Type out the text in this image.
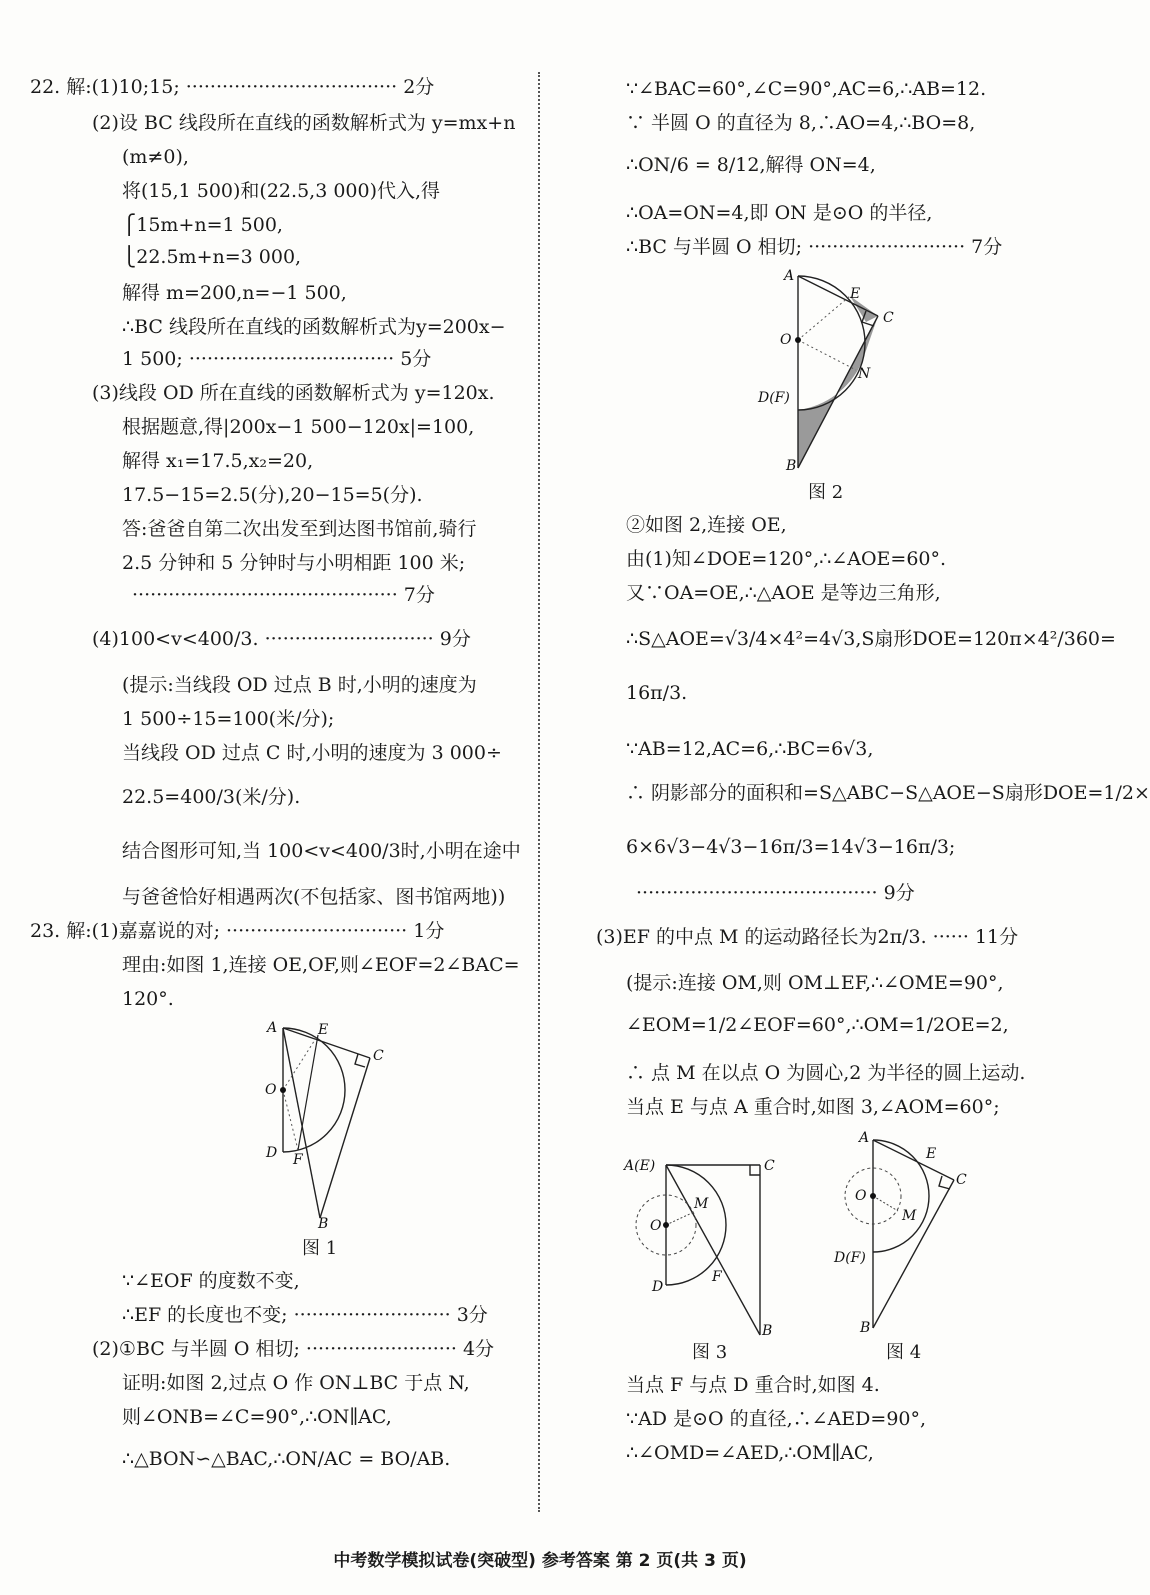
22. 解:(1)10;15; ··································· 2分
(2)设 BC 线段所在直线的函数解析式为 y=mx+n
(m≠0),
将(15,1 500)和(22.5,3 000)代入,得
⎧15m+n=1 500,
⎩22.5m+n=3 000,
解得 m=200,n=−1 500,
∴BC 线段所在直线的函数解析式为y=200x−
1 500; ·································· 5分
(3)线段 OD 所在直线的函数解析式为 y=120x.
根据题意,得|200x−1 500−120x|=100,
解得 x₁=17.5,x₂=20,
17.5−15=2.5(分),20−15=5(分).
答:爸爸自第二次出发至到达图书馆前,骑行
2.5 分钟和 5 分钟时与小明相距 100 米;
············································ 7分
(4)100<v<400/3. ···························· 9分
(提示:当线段 OD 过点 B 时,小明的速度为
1 500÷15=100(米/分);
当线段 OD 过点 C 时,小明的速度为 3 000÷
22.5=400/3(米/分).
结合图形可知,当 100<v<400/3时,小明在途中
与爸爸恰好相遇两次(不包括家、图书馆两地))
23. 解:(1)嘉嘉说的对; ······························ 1分
理由:如图 1,连接 OE,OF,则∠EOF=2∠BAC=
120°.
A	E
C
O
D F
B
图 1
∵∠EOF 的度数不变,
∴EF 的长度也不变; ·························· 3分
(2)①BC 与半圆 O 相切; ························· 4分
证明:如图 2,过点 O 作 ON⊥BC 于点 N,
则∠ONB=∠C=90°,∴ON∥AC,
∴△BON∽△BAC,∴ON/AC = BO/AB.
∵∠BAC=60°,∠C=90°,AC=6,∴AB=12.
∵ 半圆 O 的直径为 8,∴AO=4,∴BO=8,
∴ON/6 = 8/12,解得 ON=4,
∴OA=ON=4,即 ON 是⊙O 的半径,
∴BC 与半圆 O 相切; ·························· 7分
A
E
C
O
N
D(F)
B
图 2
②如图 2,连接 OE,
由(1)知∠DOE=120°,∴∠AOE=60°.
又∵OA=OE,∴△AOE 是等边三角形,
∴S△AOE=√3/4×4²=4√3,S扇形DOE=120π×4²/360=
16π/3.
∵AB=12,AC=6,∴BC=6√3,
∴ 阴影部分的面积和=S△ABC−S△AOE−S扇形DOE=1/2×
6×6√3−4√3−16π/3=14√3−16π/3;
········································ 9分
(3)EF 的中点 M 的运动路径长为2π/3. ······ 11分
(提示:连接 OM,则 OM⊥EF,∴∠OME=90°,
∠EOM=1/2∠EOF=60°,∴OM=1/2OE=2,
∴ 点 M 在以点 O 为圆心,2 为半径的圆上运动.
当点 E 与点 A 重合时,如图 3,∠AOM=60°;
A(E)	C
O
M
F
D
B
图 3
A
E
C
O
M
D(F)
B
图 4
当点 F 与点 D 重合时,如图 4.
∵AD 是⊙O 的直径,∴∠AED=90°,
∴∠OMD=∠AED,∴OM∥AC,
中考数学模拟试卷(突破型) 参考答案 第 2 页(共 3 页)
